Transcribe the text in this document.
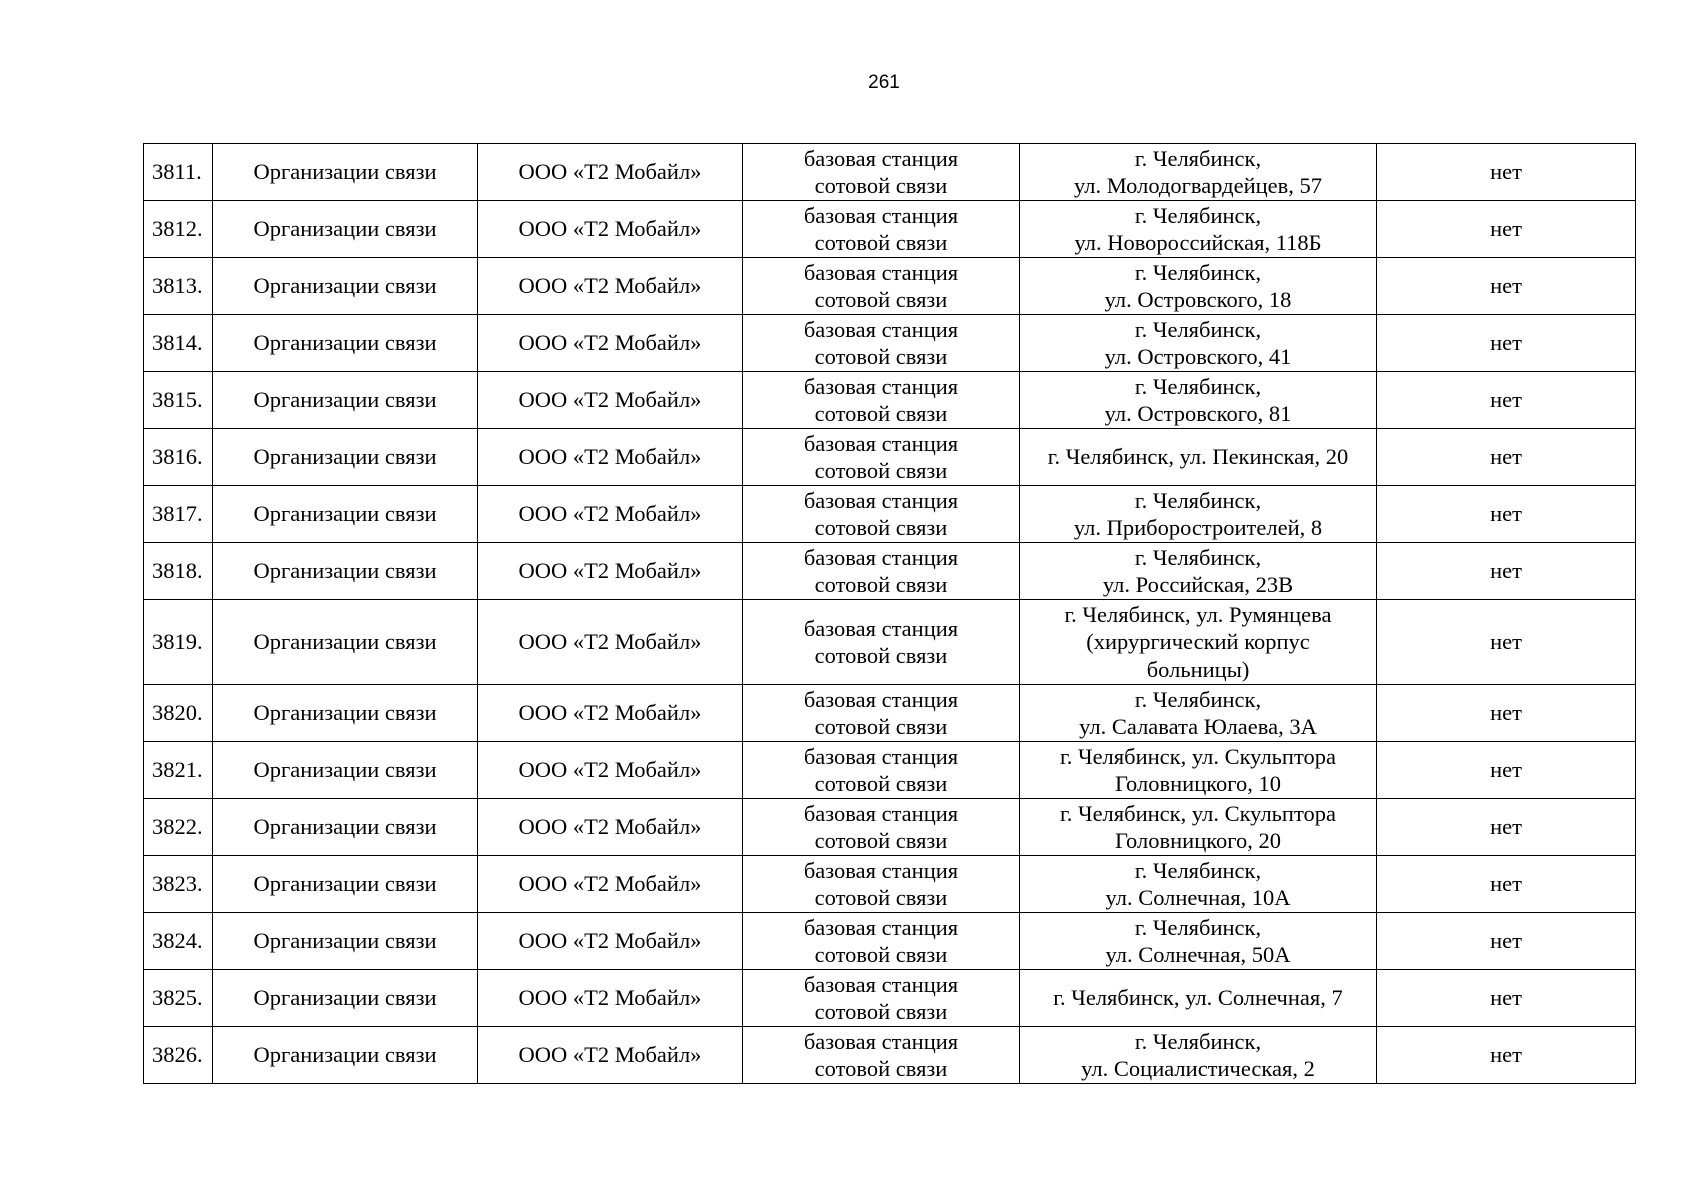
261
3811.	Организации связи	ООО «Т2 Мобайл»	базовая станция
сотовой связи	г. Челябинск,
ул. Молодогвардейцев, 57	нет
3812.	Организации связи	ООО «Т2 Мобайл»	базовая станция
сотовой связи	г. Челябинск,
ул. Новороссийская, 118Б	нет
3813.	Организации связи	ООО «Т2 Мобайл»	базовая станция
сотовой связи	г. Челябинск,
ул. Островского, 18	нет
3814.	Организации связи	ООО «Т2 Мобайл»	базовая станция
сотовой связи	г. Челябинск,
ул. Островского, 41	нет
3815.	Организации связи	ООО «Т2 Мобайл»	базовая станция
сотовой связи	г. Челябинск,
ул. Островского, 81	нет
3816.	Организации связи	ООО «Т2 Мобайл»	базовая станция
сотовой связи	г. Челябинск, ул. Пекинская, 20	нет
3817.	Организации связи	ООО «Т2 Мобайл»	базовая станция
сотовой связи	г. Челябинск,
ул. Приборостроителей, 8	нет
3818.	Организации связи	ООО «Т2 Мобайл»	базовая станция
сотовой связи	г. Челябинск,
ул. Российская, 23В	нет
3819.	Организации связи	ООО «Т2 Мобайл»	базовая станция
сотовой связи	г. Челябинск, ул. Румянцева
(хирургический корпус
больницы)	нет
3820.	Организации связи	ООО «Т2 Мобайл»	базовая станция
сотовой связи	г. Челябинск,
ул. Салавата Юлаева, 3А	нет
3821.	Организации связи	ООО «Т2 Мобайл»	базовая станция
сотовой связи	г. Челябинск, ул. Скульптора
Головницкого, 10	нет
3822.	Организации связи	ООО «Т2 Мобайл»	базовая станция
сотовой связи	г. Челябинск, ул. Скульптора
Головницкого, 20	нет
3823.	Организации связи	ООО «Т2 Мобайл»	базовая станция
сотовой связи	г. Челябинск,
ул. Солнечная, 10А	нет
3824.	Организации связи	ООО «Т2 Мобайл»	базовая станция
сотовой связи	г. Челябинск,
ул. Солнечная, 50А	нет
3825.	Организации связи	ООО «Т2 Мобайл»	базовая станция
сотовой связи	г. Челябинск, ул. Солнечная, 7	нет
3826.	Организации связи	ООО «Т2 Мобайл»	базовая станция
сотовой связи	г. Челябинск,
ул. Социалистическая, 2	нет
